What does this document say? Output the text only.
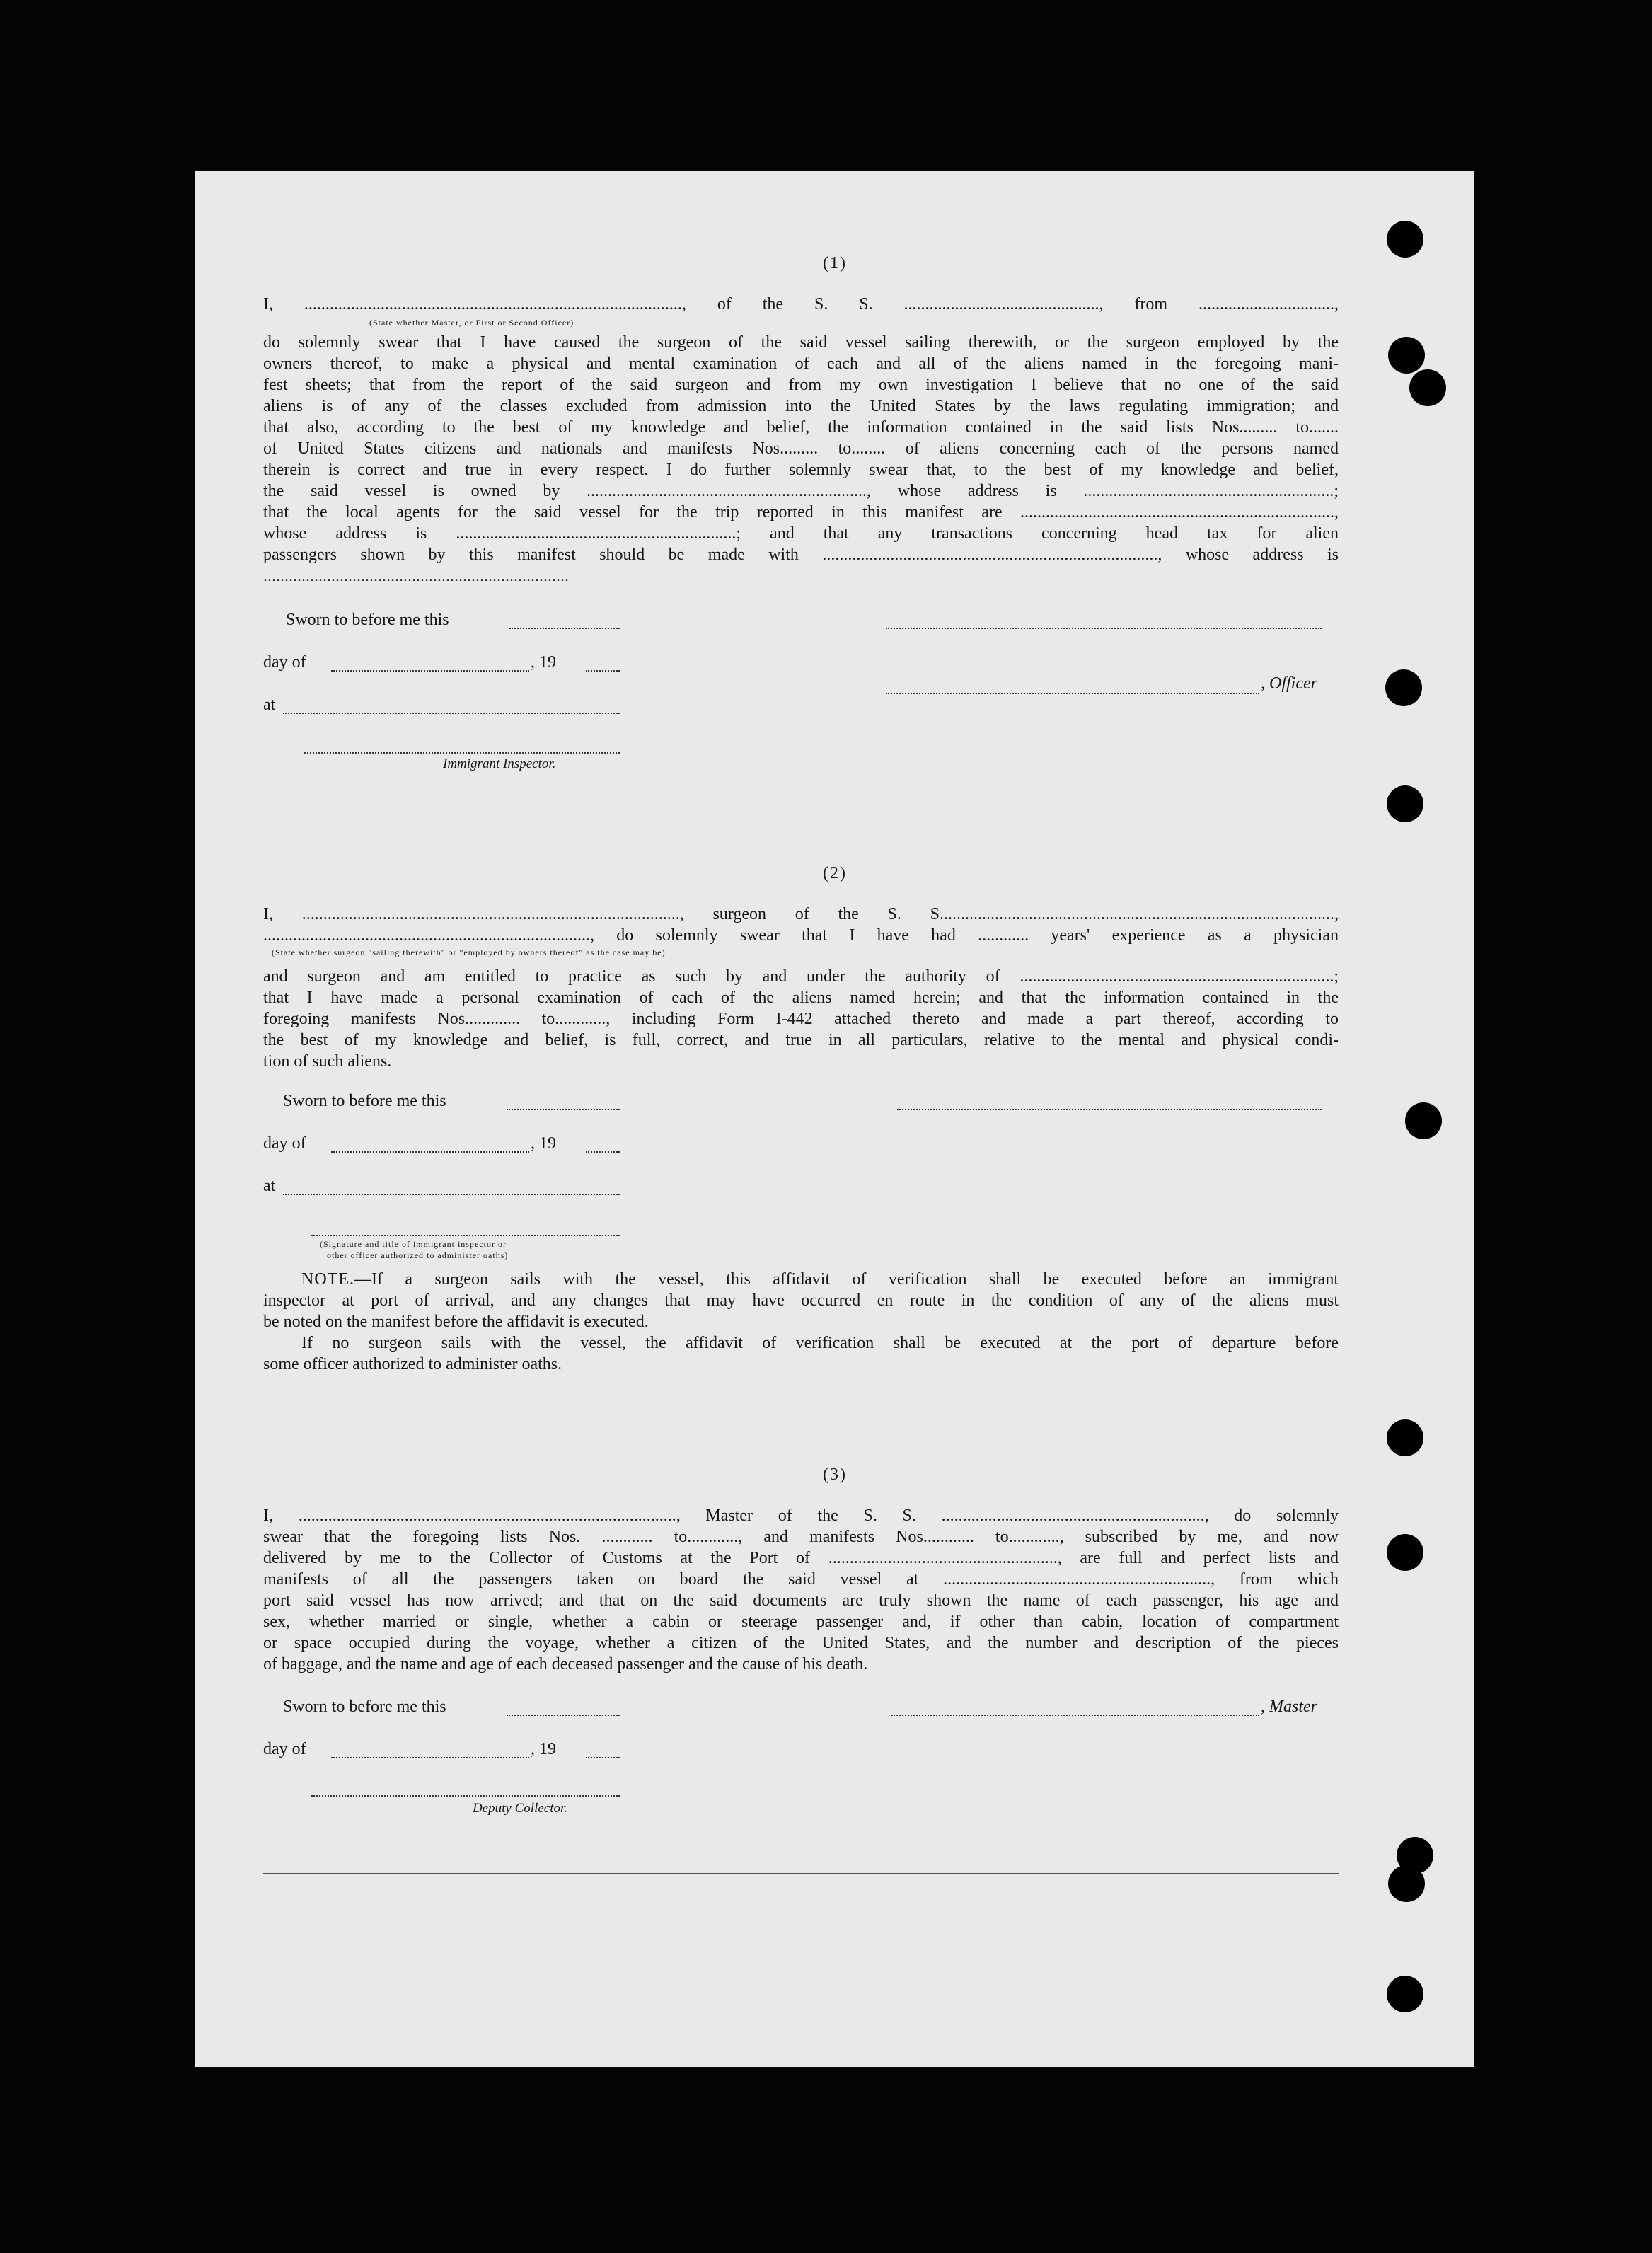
(1)
I, ........................................................................................., of the S. S. .............................................., from ................................,
(State whether Master, or First or Second Officer)
do solemnly swear that I have caused the surgeon of the said vessel sailing therewith, or the surgeon employed by the
owners thereof, to make a physical and mental examination of each and all of the aliens named in the foregoing mani-
fest sheets; that from the report of the said surgeon and from my own investigation I believe that no one of the said
aliens is of any of the classes excluded from admission into the United States by the laws regulating immigration; and
that also, according to the best of my knowledge and belief, the information contained in the said lists Nos......... to.......
of United States citizens and nationals and manifests Nos......... to........ of aliens concerning each of the persons named
therein is correct and true in every respect. I do further solemnly swear that, to the best of my knowledge and belief,
the said vessel is owned by .................................................................., whose address is ...........................................................;
that the local agents for the said vessel for the trip reported in this manifest are ..........................................................................,
whose address is ..................................................................; and that any transactions concerning head tax for alien
passengers shown by this manifest should be made with ..............................................................................., whose address is
........................................................................
Sworn to before me this
day of	, 19
, Officer
at
Immigrant Inspector.
(2)
I, ........................................................................................., surgeon of the S. S.............................................................................................,
............................................................................., do solemnly swear that I have had ............ years' experience as a physician
(State whether surgeon "sailing therewith" or "employed by owners thereof" as the case may be)
and surgeon and am entitled to practice as such by and under the authority of ..........................................................................;
that I have made a personal examination of each of the aliens named herein; and that the information contained in the
foregoing manifests Nos............. to............, including Form I-442 attached thereto and made a part thereof, according to
the best of my knowledge and belief, is full, correct, and true in all particulars, relative to the mental and physical condi-
tion of such aliens.
Sworn to before me this
day of	, 19
at
(Signature and title of immigrant inspector or
other officer authorized to administer oaths)
NOTE.—If a surgeon sails with the vessel, this affidavit of verification shall be executed before an immigrant
inspector at port of arrival, and any changes that may have occurred en route in the condition of any of the aliens must
be noted on the manifest before the affidavit is executed.
If no surgeon sails with the vessel, the affidavit of verification shall be executed at the port of departure before
some officer authorized to administer oaths.
(3)
I, ........................................................................................., Master of the S. S. .............................................................., do solemnly
swear that the foregoing lists Nos. ............ to............, and manifests Nos............ to............, subscribed by me, and now
delivered by me to the Collector of Customs at the Port of ......................................................, are full and perfect lists and
manifests of all the passengers taken on board the said vessel at ..............................................................., from which
port said vessel has now arrived; and that on the said documents are truly shown the name of each passenger, his age and
sex, whether married or single, whether a cabin or steerage passenger and, if other than cabin, location of compartment
or space occupied during the voyage, whether a citizen of the United States, and the number and description of the pieces
of baggage, and the name and age of each deceased passenger and the cause of his death.
Sworn to before me this	, Master
day of	, 19
Deputy Collector.
